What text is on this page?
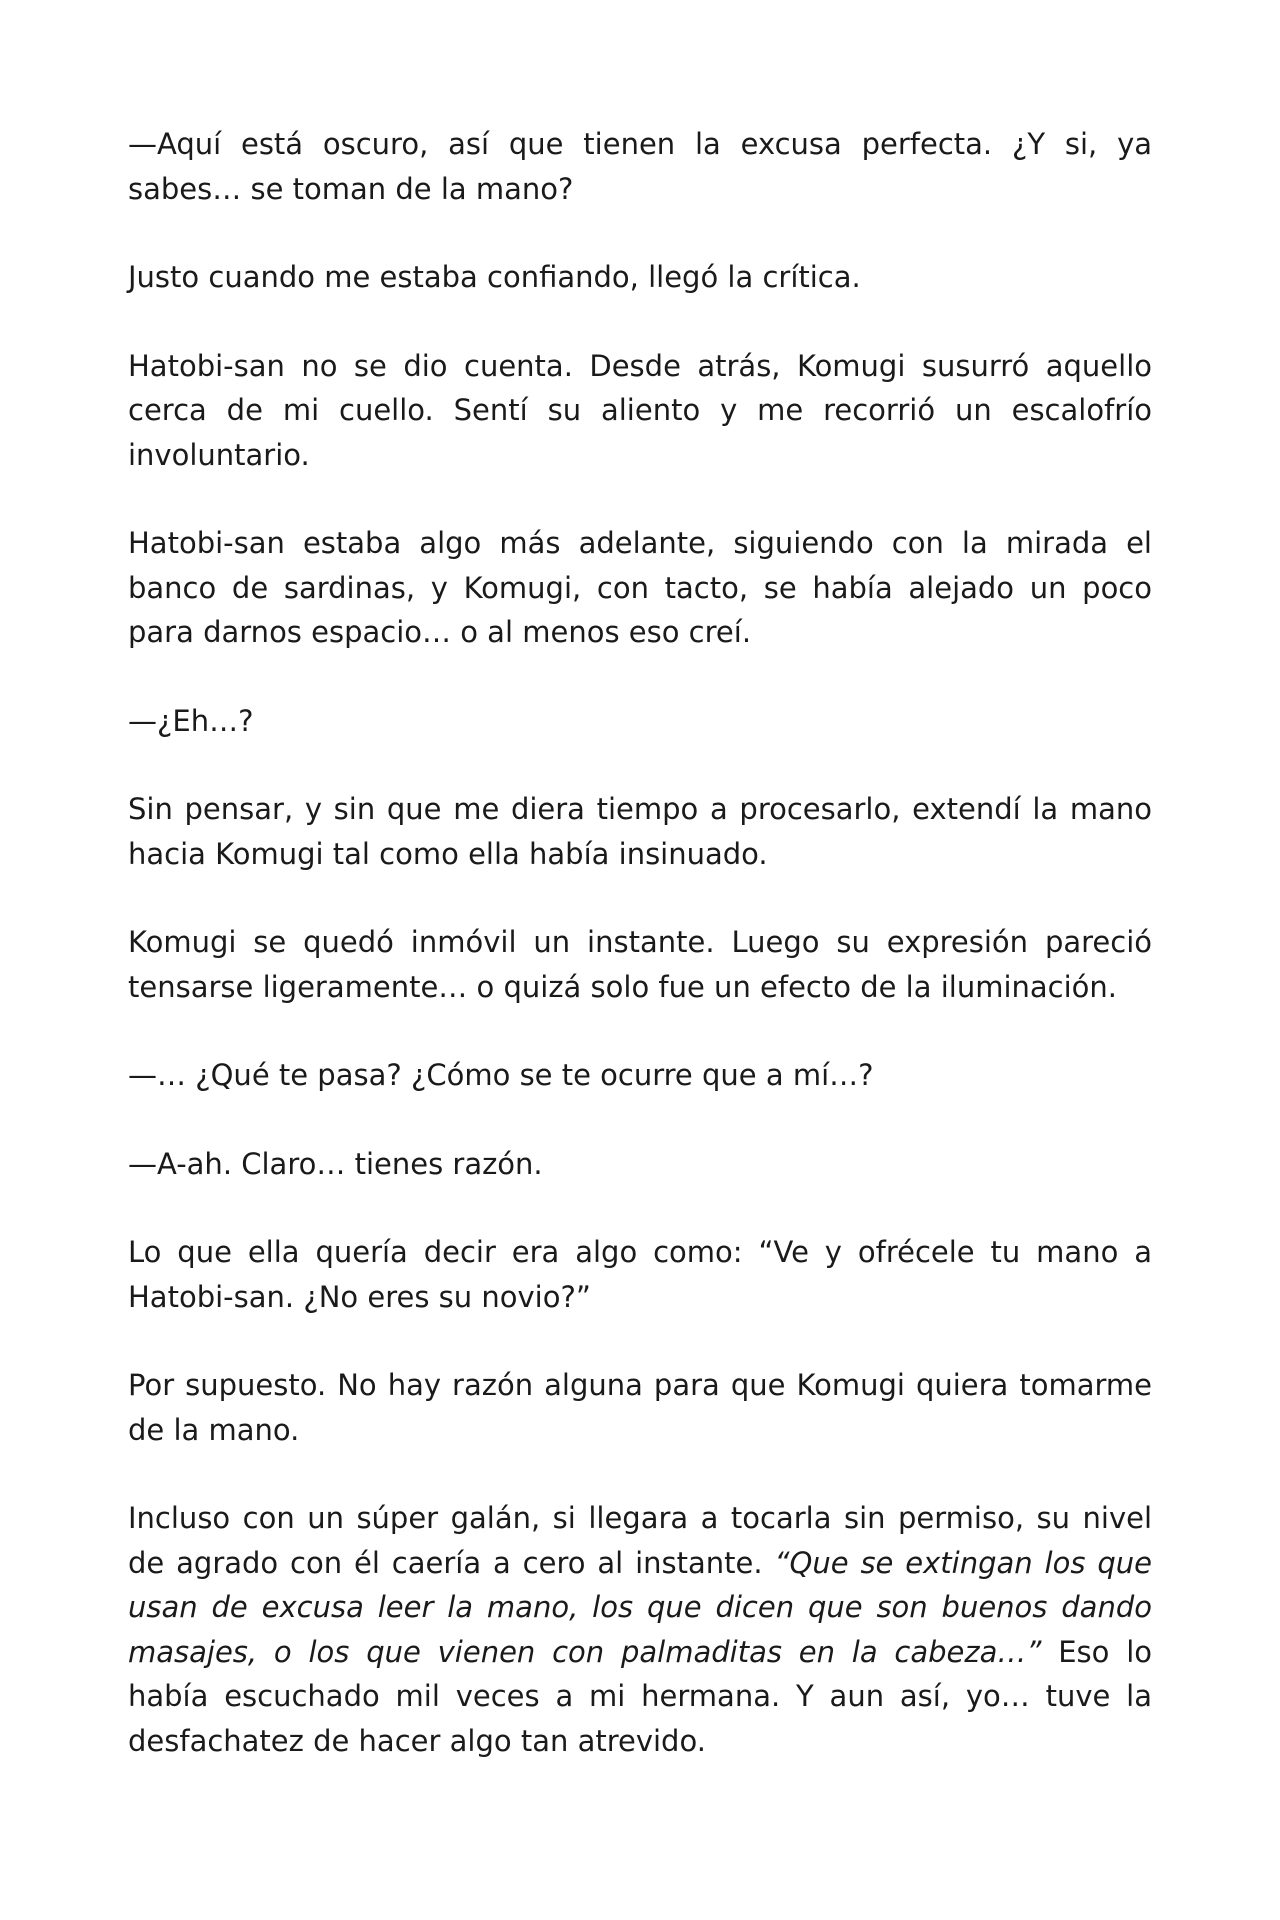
—Aquí está oscuro, así que tienen la excusa perfecta. ¿Y si, ya sabes… se toman de la mano?

Justo cuando me estaba confiando, llegó la crítica.

Hatobi-san no se dio cuenta. Desde atrás, Komugi susurró aquello cerca de mi cuello. Sentí su aliento y me recorrió un escalofrío involuntario.

Hatobi-san estaba algo más adelante, siguiendo con la mirada el banco de sardinas, y Komugi, con tacto, se había alejado un poco para darnos espacio… o al menos eso creí.

—¿Eh…?

Sin pensar, y sin que me diera tiempo a procesarlo, extendí la mano hacia Komugi tal como ella había insinuado.

Komugi se quedó inmóvil un instante. Luego su expresión pareció tensarse ligeramente… o quizá solo fue un efecto de la iluminación.

—… ¿Qué te pasa? ¿Cómo se te ocurre que a mí…?

—A-ah. Claro… tienes razón.

Lo que ella quería decir era algo como: “Ve y ofrécele tu mano a Hatobi-san. ¿No eres su novio?”

Por supuesto. No hay razón alguna para que Komugi quiera tomarme de la mano.

Incluso con un súper galán, si llegara a tocarla sin permiso, su nivel de agrado con él caería a cero al instante. “Que se extingan los que usan de excusa leer la mano, los que dicen que son buenos dando masajes, o los que vienen con palmaditas en la cabeza…” Eso lo había escuchado mil veces a mi hermana. Y aun así, yo… tuve la desfachatez de hacer algo tan atrevido.
